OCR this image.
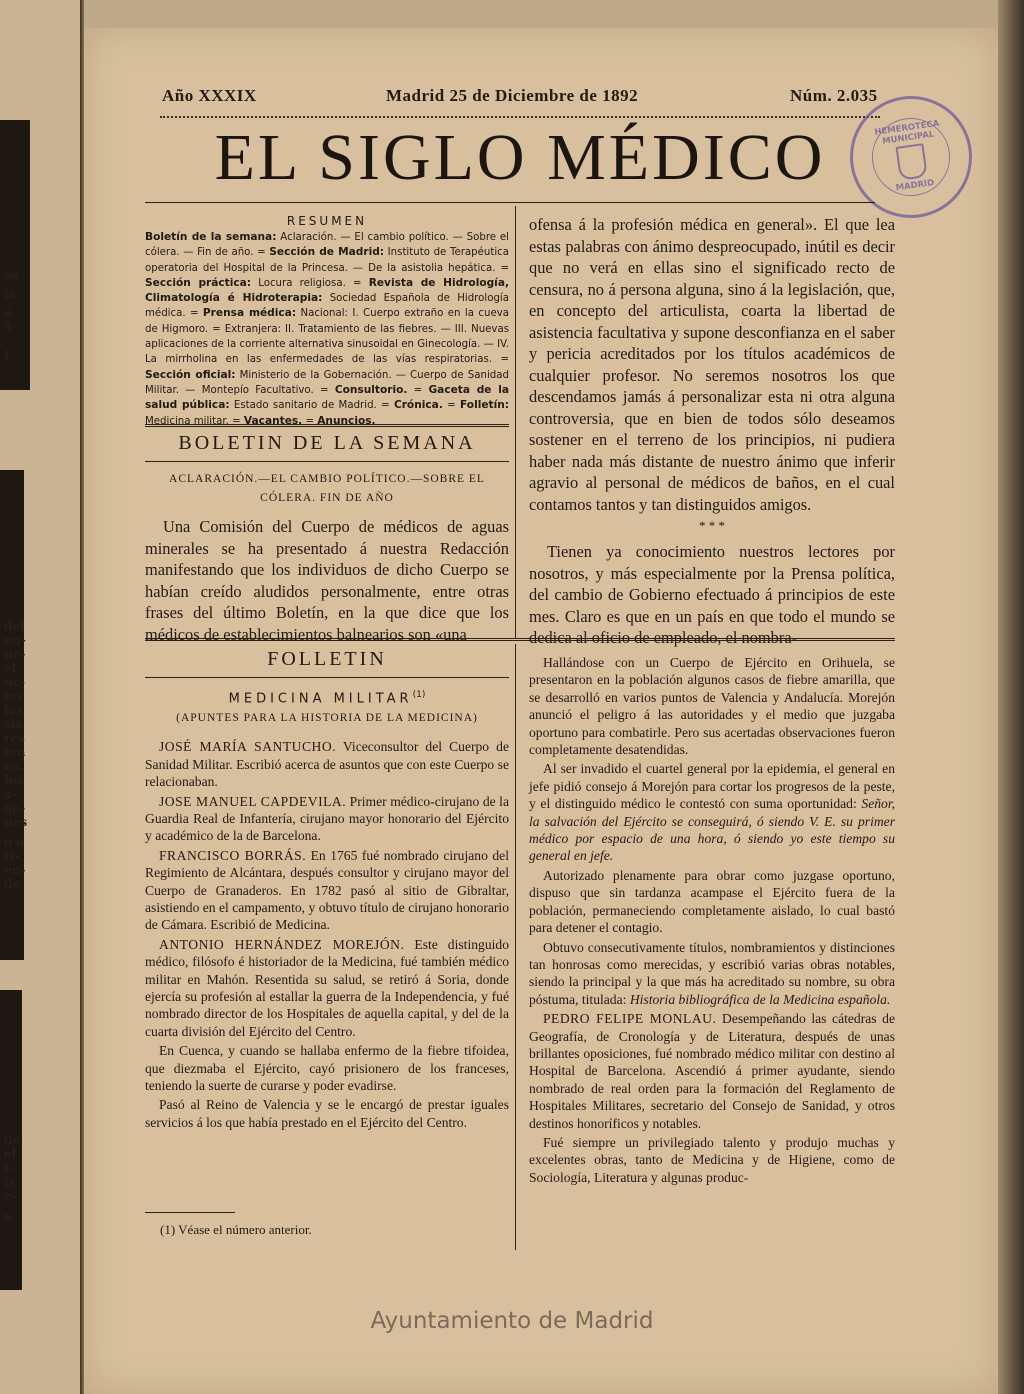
es
ia
á
a-
)
del
on-
ne-
el
uc-
les
los
sis
res
ion
os.
los
a-
ga-
nes
o ó
ri-
en-
de
de
el
i-
is
e-
o
Año XXXIX	Madrid 25 de Diciembre de 1892	Núm. 2.035
EL SIGLO MÉDICO	HEMEROTECA MUNICIPAL
MADRID

RESUMEN

Boletín de la semana: Aclaración. — El cambio político. — Sobre el cólera. — Fin de año. = Sección de Madrid: Instituto de Terapéutica operatoria del Hospital de la Princesa. — De la asistolia hepática. = Sección práctica: Locura religiosa. = Revista de Hidrología, Climatología é Hidroterapia: Sociedad Española de Hidrología médica. = Prensa médica: Nacional: I. Cuerpo extraño en la cueva de Higmoro. = Extranjera: II. Tratamiento de las fiebres. — III. Nuevas aplicaciones de la corriente alternativa sinusoidal en Ginecología. — IV. La mirrholina en las enfermedades de las vías respiratorias. = Sección oficial: Ministerio de la Gobernación. — Cuerpo de Sanidad Militar. — Montepío Facultativo. = Consultorio. = Gaceta de la salud pública: Estado sanitario de Madrid. = Crónica. = Folletín: Medicina militar. = Vacantes. = Anuncios.

BOLETIN DE LA SEMANA

ACLARACIÓN.—EL CAMBIO POLÍTICO.—SOBRE EL CÓLERA. FIN DE AÑO

Una Comisión del Cuerpo de médicos de aguas minerales se ha presentado á nuestra Redacción manifestando que los individuos de dicho Cuerpo se habían creído aludidos personalmente, entre otras frases del último Boletín, en la que dice que los médicos de establecimientos balnearios son «una

ofensa á la profesión médica en general». El que lea estas palabras con ánimo despreocupado, inútil es decir que no verá en ellas sino el significado recto de censura, no á persona alguna, sino á la legislación, que, en concepto del articulista, coarta la libertad de asistencia facultativa y supone desconfianza en el saber y pericia acreditados por los títulos académicos de cualquier profesor. No seremos nosotros los que descendamos jamás á personalizar esta ni otra alguna controversia, que en bien de todos sólo deseamos sostener en el terreno de los principios, ni pudiera haber nada más distante de nuestro ánimo que inferir agravio al personal de médicos de baños, en el cual contamos tantos y tan distinguidos amigos.

* * *

Tienen ya conocimiento nuestros lectores por nosotros, y más especialmente por la Prensa política, del cambio de Gobierno efectuado á principios de este mes. Claro es que en un país en que todo el mundo se dedica al oficio de empleado, el nombra-

FOLLETIN

MEDICINA MILITAR$^{(1)}$

(APUNTES PARA LA HISTORIA DE LA MEDICINA)

JOSÉ MARÍA SANTUCHO. Viceconsultor del Cuerpo de Sanidad Militar. Escribió acerca de asuntos que con este Cuerpo se relacionaban.

JOSE MANUEL CAPDEVILA. Primer médico-cirujano de la Guardia Real de Infantería, cirujano mayor honorario del Ejército y académico de la de Barcelona.

FRANCISCO BORRÁS. En 1765 fué nombrado cirujano del Regimiento de Alcántara, después consultor y cirujano mayor del Cuerpo de Granaderos. En 1782 pasó al sitio de Gibraltar, asistiendo en el campamento, y obtuvo título de cirujano honorario de Cámara. Escribió de Medicina.

ANTONIO HERNÁNDEZ MOREJÓN. Este distinguido médico, filósofo é historiador de la Medicina, fué también médico militar en Mahón. Resentida su salud, se retiró á Soria, donde ejercía su profesión al estallar la guerra de la Independencia, y fué nombrado director de los Hospitales de aquella capital, y del de la cuarta división del Ejército del Centro.

En Cuenca, y cuando se hallaba enfermo de la fiebre tifoidea, que diezmaba el Ejército, cayó prisionero de los franceses, teniendo la suerte de curarse y poder evadirse.

Pasó al Reino de Valencia y se le encargó de prestar iguales servicios á los que había prestado en el Ejército del Centro.

(1) Véase el número anterior.

Hallándose con un Cuerpo de Ejército en Orihuela, se presentaron en la población algunos casos de fiebre amarilla, que se desarrolló en varios puntos de Valencia y Andalucía. Morejón anunció el peligro á las autoridades y el medio que juzgaba oportuno para combatirle. Pero sus acertadas observaciones fueron completamente desatendidas.

Al ser invadido el cuartel general por la epidemia, el general en jefe pidió consejo á Morejón para cortar los progresos de la peste, y el distinguido médico le contestó con suma oportunidad: Señor, la salvación del Ejército se conseguirá, ó siendo V. E. su primer médico por espacio de una hora, ó siendo yo este tiempo su general en jefe.

Autorizado plenamente para obrar como juzgase oportuno, dispuso que sin tardanza acampase el Ejército fuera de la población, permaneciendo completamente aislado, lo cual bastó para detener el contagio.

Obtuvo consecutivamente títulos, nombramientos y distinciones tan honrosas como merecidas, y escribió varias obras notables, siendo la principal y la que más ha acreditado su nombre, su obra póstuma, titulada: Historia bibliográfica de la Medicina española.

PEDRO FELIPE MONLAU. Desempeñando las cátedras de Geografía, de Cronología y de Literatura, después de unas brillantes oposiciones, fué nombrado médico militar con destino al Hospital de Barcelona. Ascendió á primer ayudante, siendo nombrado de real orden para la formación del Reglamento de Hospitales Militares, secretario del Consejo de Sanidad, y otros destinos honoríficos y notables.

Fué siempre un privilegiado talento y produjo muchas y excelentes obras, tanto de Medicina y de Higiene, como de Sociología, Literatura y algunas produc-

Ayuntamiento de Madrid
